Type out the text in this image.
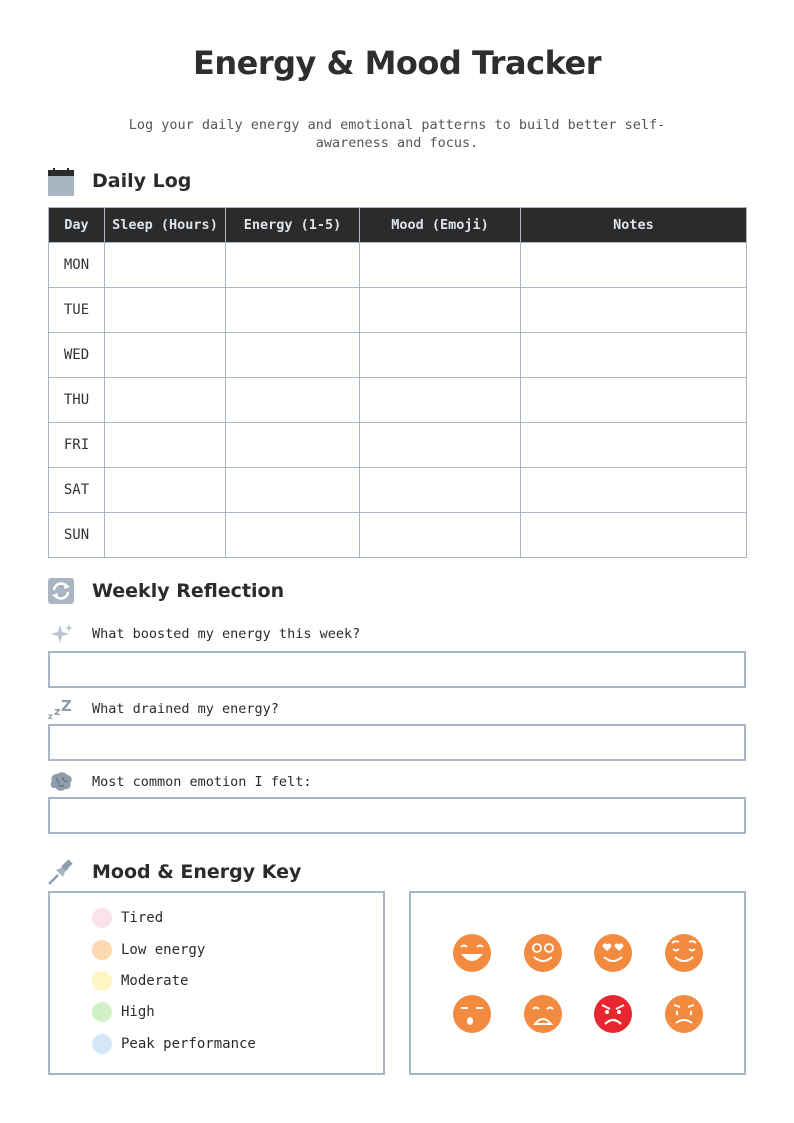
Energy & Mood Tracker
Log your daily energy and emotional patterns to build better self-awareness and focus.
Daily Log
Day	Sleep (Hours)	Energy (1-5)	Mood (Emoji)	Notes
MON				
TUE				
WED				
THU				
FRI				
SAT				
SUN				
Weekly Reflection
What boosted my energy this week?
z z Z What drained my energy?
Most common emotion I felt:
Mood & Energy Key
Tired
Low energy
Moderate
High
Peak performance
